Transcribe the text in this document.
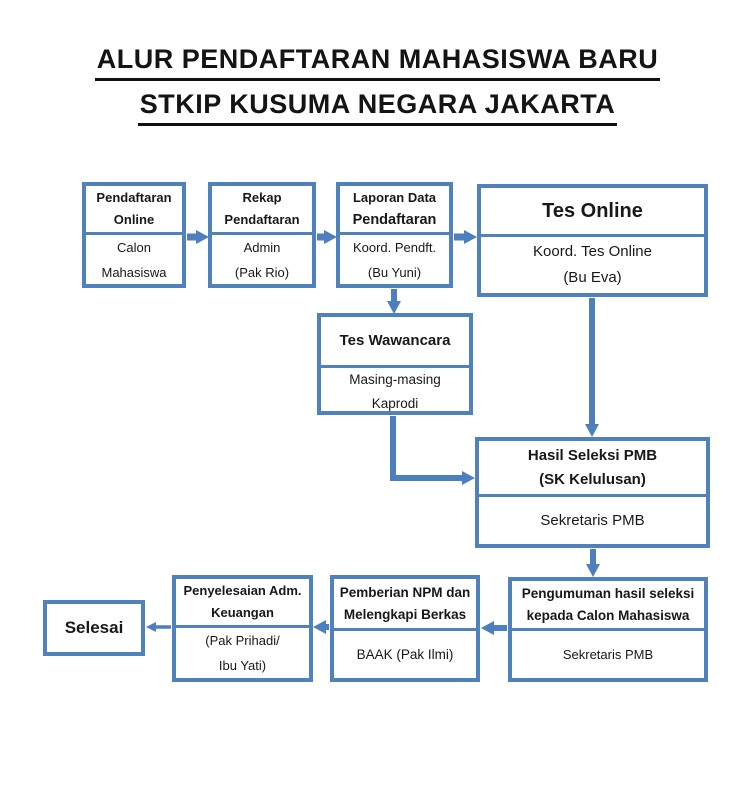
ALUR PENDAFTARAN MAHASISWA BARU
STKIP KUSUMA NEGARA JAKARTA
Pendaftaran
Online
Calon
Mahasiswa
Rekap
Pendaftaran
Admin
(Pak Rio)
Laporan Data
Pendaftaran
Koord. Pendft.
(Bu Yuni)
Tes Online
Koord. Tes Online
(Bu Eva)
Tes Wawancara
Masing-masing
Kaprodi
Hasil Seleksi PMB
(SK Kelulusan)
Sekretaris PMB
Pengumuman hasil seleksi
kepada Calon Mahasiswa
Sekretaris PMB
Pemberian NPM dan
Melengkapi Berkas
BAAK (Pak Ilmi)
Penyelesaian Adm.
Keuangan
(Pak Prihadi/
Ibu Yati)
Selesai
